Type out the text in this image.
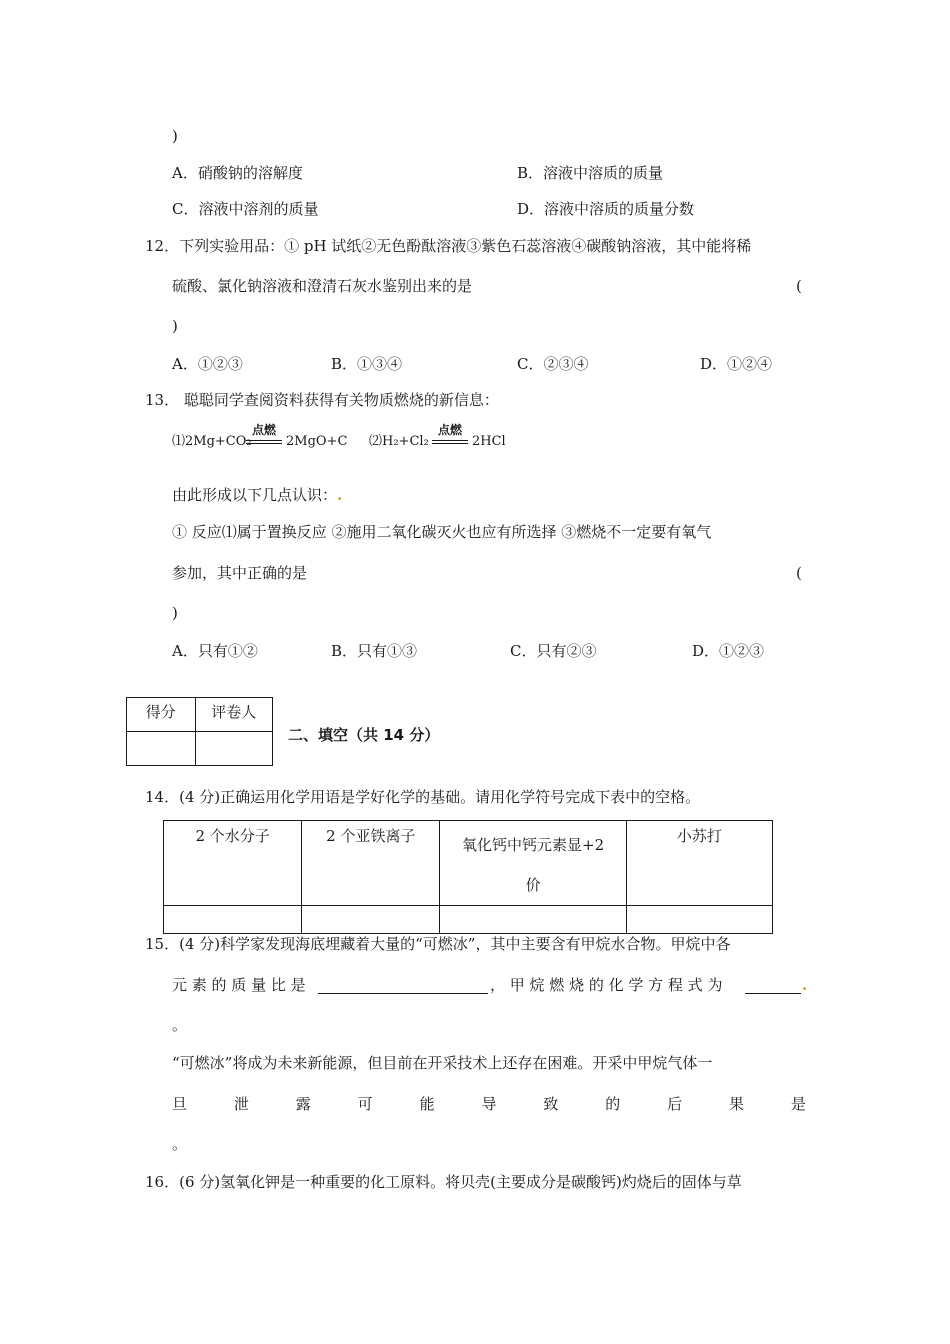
)
A．硝酸钠的溶解度	B．溶液中溶质的质量
C．溶液中溶剂的质量	D．溶液中溶质的质量分数
12．下列实验用品：① pH 试纸②无色酚酞溶液③紫色石蕊溶液④碳酸钠溶液，其中能将稀
硫酸、氯化钠溶液和澄清石灰水鉴别出来的是	(
)
A．①②③	B．①③④	C．②③④	D．①②④
13． 聪聪同学查阅资料获得有关物质燃烧的新信息：
⑴2Mg+CO₂
点燃
2MgO+C ⑵H₂+Cl₂
点燃
2HCl
由此形成以下几点认识：.
① 反应⑴属于置换反应 ②施用二氧化碳灭火也应有所选择 ③燃烧不一定要有氧气
参加，其中正确的是	(
)
A．只有①②	B．只有①③	C．只有②③	D．①②③
得分	评卷人

二、填空（共 14 分）
14．(4 分)正确运用化学用语是学好化学的基础。请用化学符号完成下表中的空格。
2 个水分子	2 个亚铁离子	氧化钙中钙元素显+2
价	小苏打

15．(4 分)科学家发现海底埋藏着大量的“可燃冰”，其中主要含有甲烷水合物。甲烷中各
元 素 的 质 量 比 是	， 甲 烷 燃 烧 的 化 学 方 程 式 为	.
。
“可燃冰”将成为未来新能源，但目前在开采技术上还存在困难。开采中甲烷气体一
旦	泄	露	可	能	导	致	的	后	果	是
。
16．(6 分)氢氧化钾是一种重要的化工原料。将贝壳(主要成分是碳酸钙)灼烧后的固体与草
